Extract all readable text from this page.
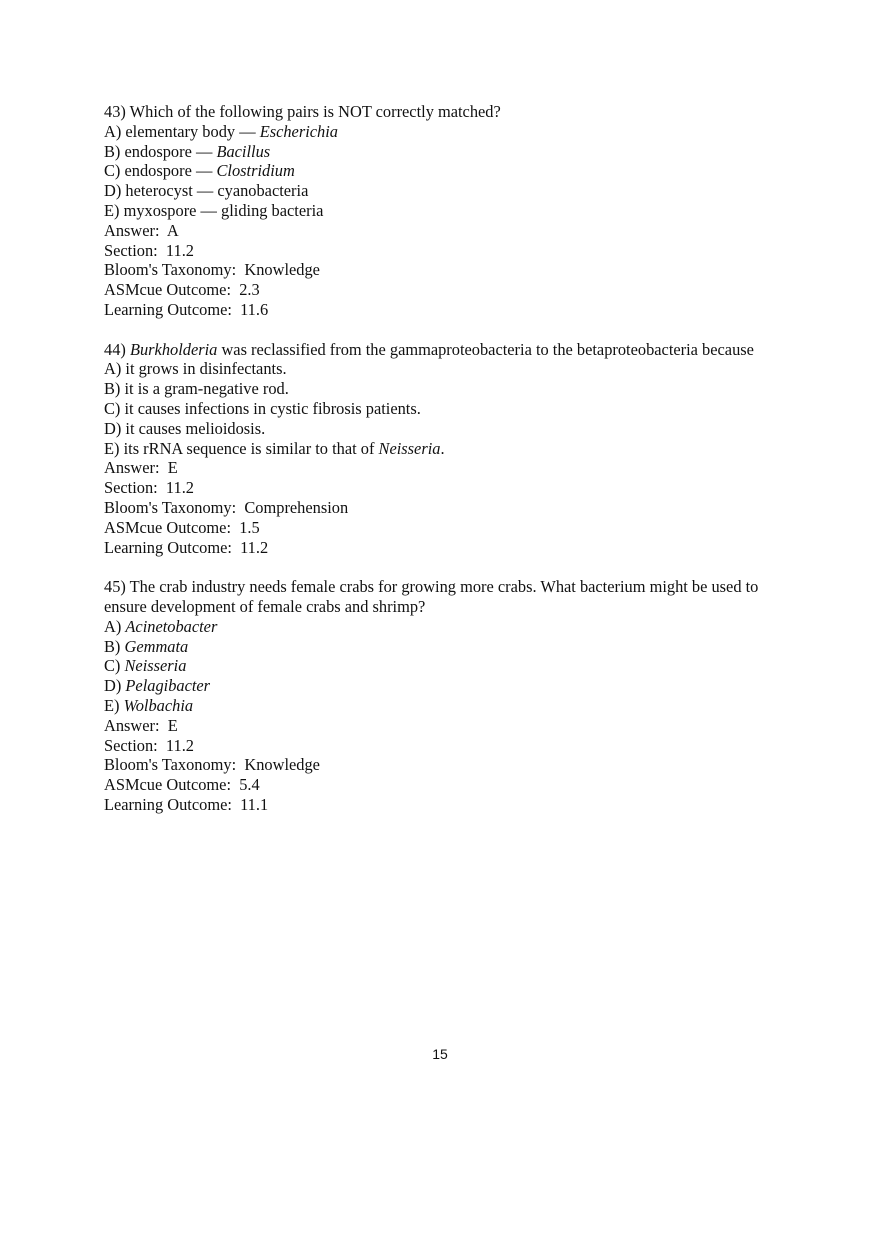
43) Which of the following pairs is NOT correctly matched?
A) elementary body — Escherichia
B) endospore — Bacillus
C) endospore — Clostridium
D) heterocyst — cyanobacteria
E) myxospore — gliding bacteria
Answer:  A
Section:  11.2
Bloom's Taxonomy:  Knowledge
ASMcue Outcome:  2.3
Learning Outcome:  11.6
44) Burkholderia was reclassified from the gammaproteobacteria to the betaproteobacteria because
A) it grows in disinfectants.
B) it is a gram-negative rod.
C) it causes infections in cystic fibrosis patients.
D) it causes melioidosis.
E) its rRNA sequence is similar to that of Neisseria.
Answer:  E
Section:  11.2
Bloom's Taxonomy:  Comprehension
ASMcue Outcome:  1.5
Learning Outcome:  11.2
45) The crab industry needs female crabs for growing more crabs. What bacterium might be used to ensure development of female crabs and shrimp?
A) Acinetobacter
B) Gemmata
C) Neisseria
D) Pelagibacter
E) Wolbachia
Answer:  E
Section:  11.2
Bloom's Taxonomy:  Knowledge
ASMcue Outcome:  5.4
Learning Outcome:  11.1
15
